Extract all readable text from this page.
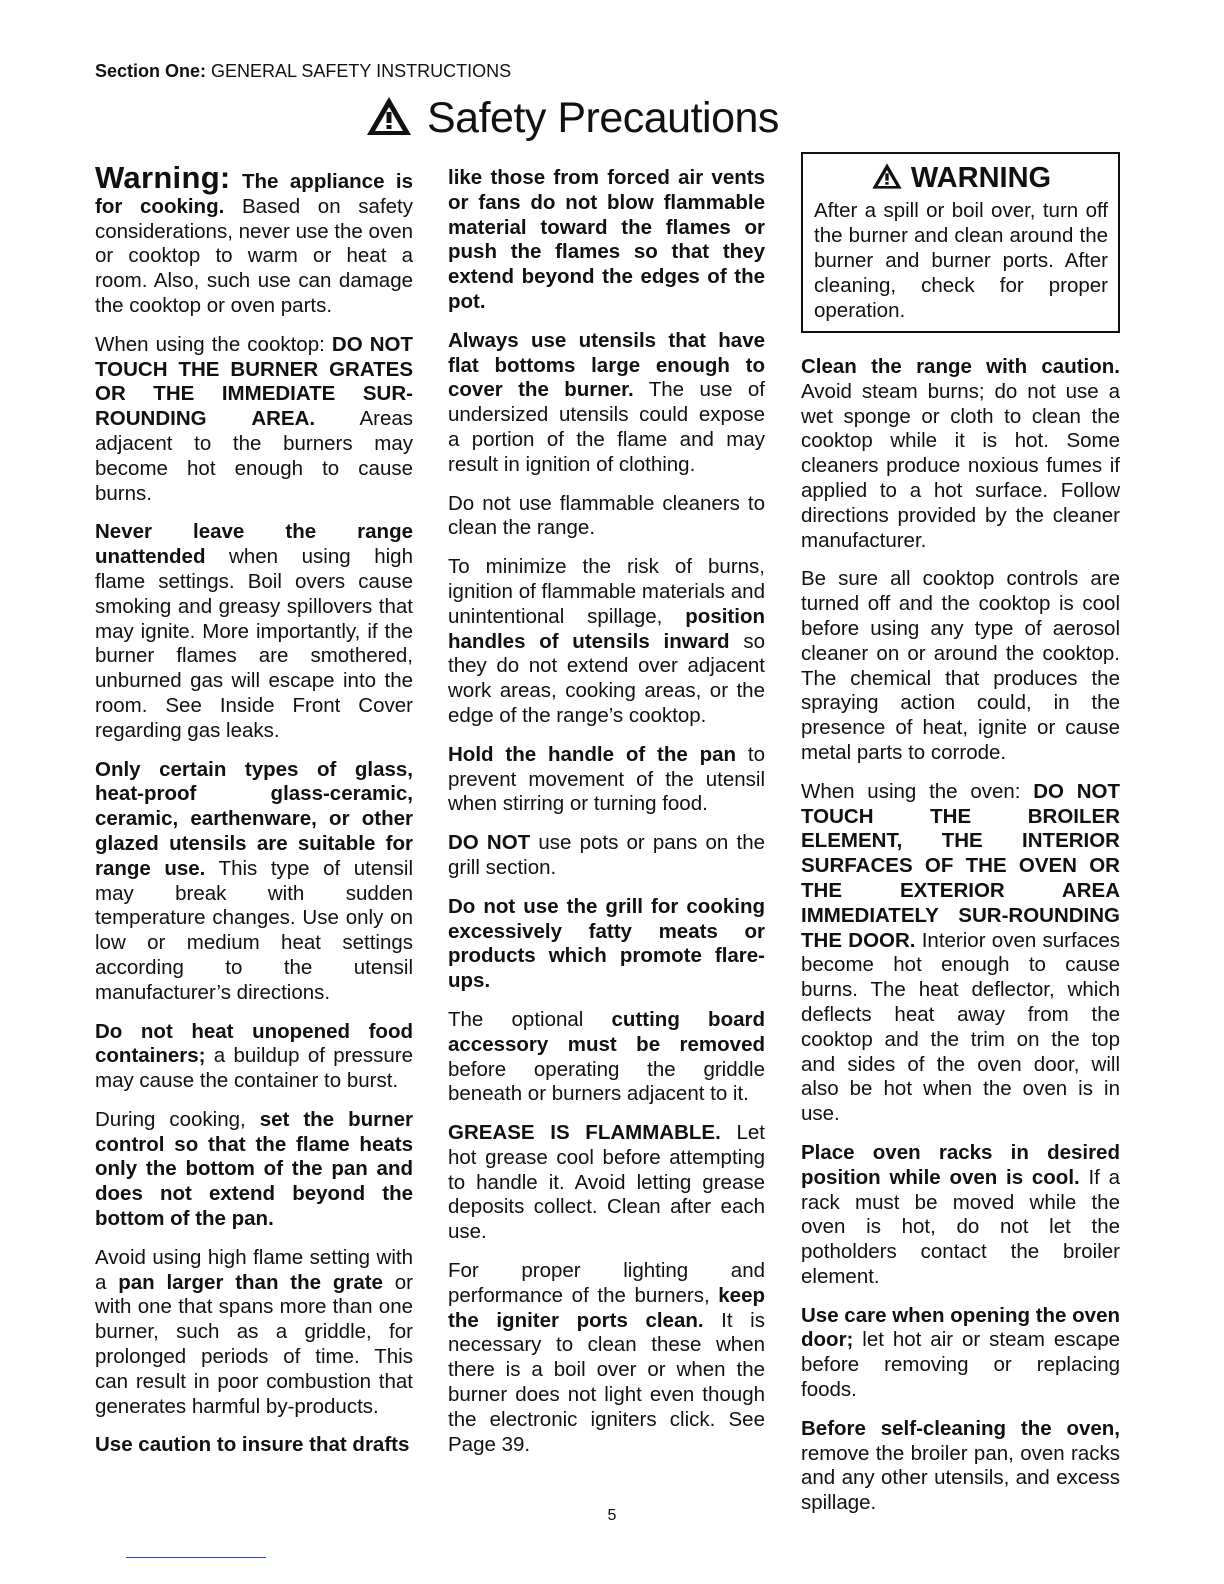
Section One: GENERAL SAFETY INSTRUCTIONS
Safety Precautions

Warning: The appliance is for cooking. Based on safety considerations, never use the oven or cooktop to warm or heat a room. Also, such use can damage the cooktop or oven parts.

When using the cooktop: DO NOT TOUCH THE BURNER GRATES OR THE IMMEDIATE SUR-ROUNDING AREA. Areas adjacent to the burners may become hot enough to cause burns.

Never leave the range unattended when using high flame settings. Boil overs cause smoking and greasy spillovers that may ignite. More importantly, if the burner flames are smothered, unburned gas will escape into the room. See Inside Front Cover regarding gas leaks.

Only certain types of glass, heat-proof glass-ceramic, ceramic, earthenware, or other glazed utensils are suitable for range use. This type of utensil may break with sudden temperature changes. Use only on low or medium heat settings according to the utensil manufacturer’s directions.

Do not heat unopened food containers; a buildup of pressure may cause the container to burst.

During cooking, set the burner control so that the flame heats only the bottom of the pan and does not extend beyond the bottom of the pan.

Avoid using high flame setting with a pan larger than the grate or with one that spans more than one burner, such as a griddle, for prolonged periods of time. This can result in poor combustion that generates harmful by-products.

Use caution to insure that drafts

like those from forced air vents or fans do not blow flammable material toward the flames or push the flames so that they extend beyond the edges of the pot.

Always use utensils that have flat bottoms large enough to cover the burner. The use of undersized utensils could expose a portion of the flame and may result in ignition of clothing.

Do not use flammable cleaners to clean the range.

To minimize the risk of burns, ignition of flammable materials and unintentional spillage, position handles of utensils inward so they do not extend over adjacent work areas, cooking areas, or the edge of the range’s cooktop.

Hold the handle of the pan to prevent movement of the utensil when stirring or turning food.

DO NOT use pots or pans on the grill section.

Do not use the grill for cooking excessively fatty meats or products which promote flare-ups.

The optional cutting board accessory must be removed before operating the griddle beneath or burners adjacent to it.

GREASE IS FLAMMABLE. Let hot grease cool before attempting to handle it. Avoid letting grease deposits collect. Clean after each use.

For proper lighting and performance of the burners, keep the igniter ports clean. It is necessary to clean these when there is a boil over or when the burner does not light even though the electronic igniters click. See Page 39.

WARNING
After a spill or boil over, turn off the burner and clean around the burner and burner ports. After cleaning, check for proper operation.

Clean the range with caution. Avoid steam burns; do not use a wet sponge or cloth to clean the cooktop while it is hot. Some cleaners produce noxious fumes if applied to a hot surface. Follow directions provided by the cleaner manufacturer.

Be sure all cooktop controls are turned off and the cooktop is cool before using any type of aerosol cleaner on or around the cooktop. The chemical that produces the spraying action could, in the presence of heat, ignite or cause metal parts to corrode.

When using the oven: DO NOT TOUCH THE BROILER ELEMENT, THE INTERIOR SURFACES OF THE OVEN OR THE EXTERIOR AREA IMMEDIATELY SUR-ROUNDING THE DOOR. Interior oven surfaces become hot enough to cause burns. The heat deflector, which deflects heat away from the cooktop and the trim on the top and sides of the oven door, will also be hot when the oven is in use.

Place oven racks in desired position while oven is cool. If a rack must be moved while the oven is hot, do not let the potholders contact the broiler element.

Use care when opening the oven door; let hot air or steam escape before removing or replacing foods.

Before self-cleaning the oven, remove the broiler pan, oven racks and any other utensils, and excess spillage.

5
